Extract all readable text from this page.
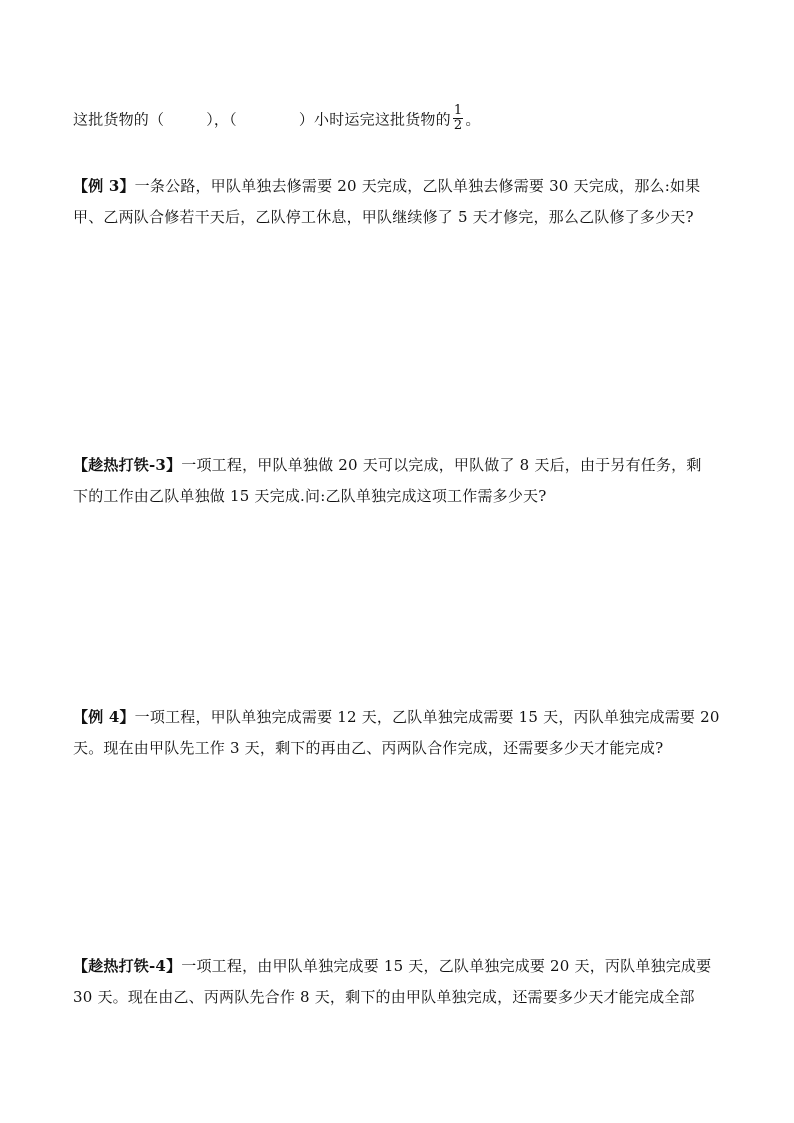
这批货物的（	），（	）小时运完这批货物的 $\frac{1}{2}$ 。
【例 3】一条公路，甲队单独去修需要 20 天完成，乙队单独去修需要 30 天完成，那么:如果
甲、乙两队合修若干天后，乙队停工休息，甲队继续修了 5 天才修完，那么乙队修了多少天?
【趁热打铁-3】一项工程，甲队单独做 20 天可以完成，甲队做了 8 天后，由于另有任务，剩
下的工作由乙队单独做 15 天完成.问:乙队单独完成这项工作需多少天?
【例 4】一项工程，甲队单独完成需要 12 天，乙队单独完成需要 15 天，丙队单独完成需要 20
天。现在由甲队先工作 3 天，剩下的再由乙、丙两队合作完成，还需要多少天才能完成?
【趁热打铁-4】一项工程，由甲队单独完成要 15 天，乙队单独完成要 20 天，丙队单独完成要
30 天。现在由乙、丙两队先合作 8 天，剩下的由甲队单独完成，还需要多少天才能完成全部
